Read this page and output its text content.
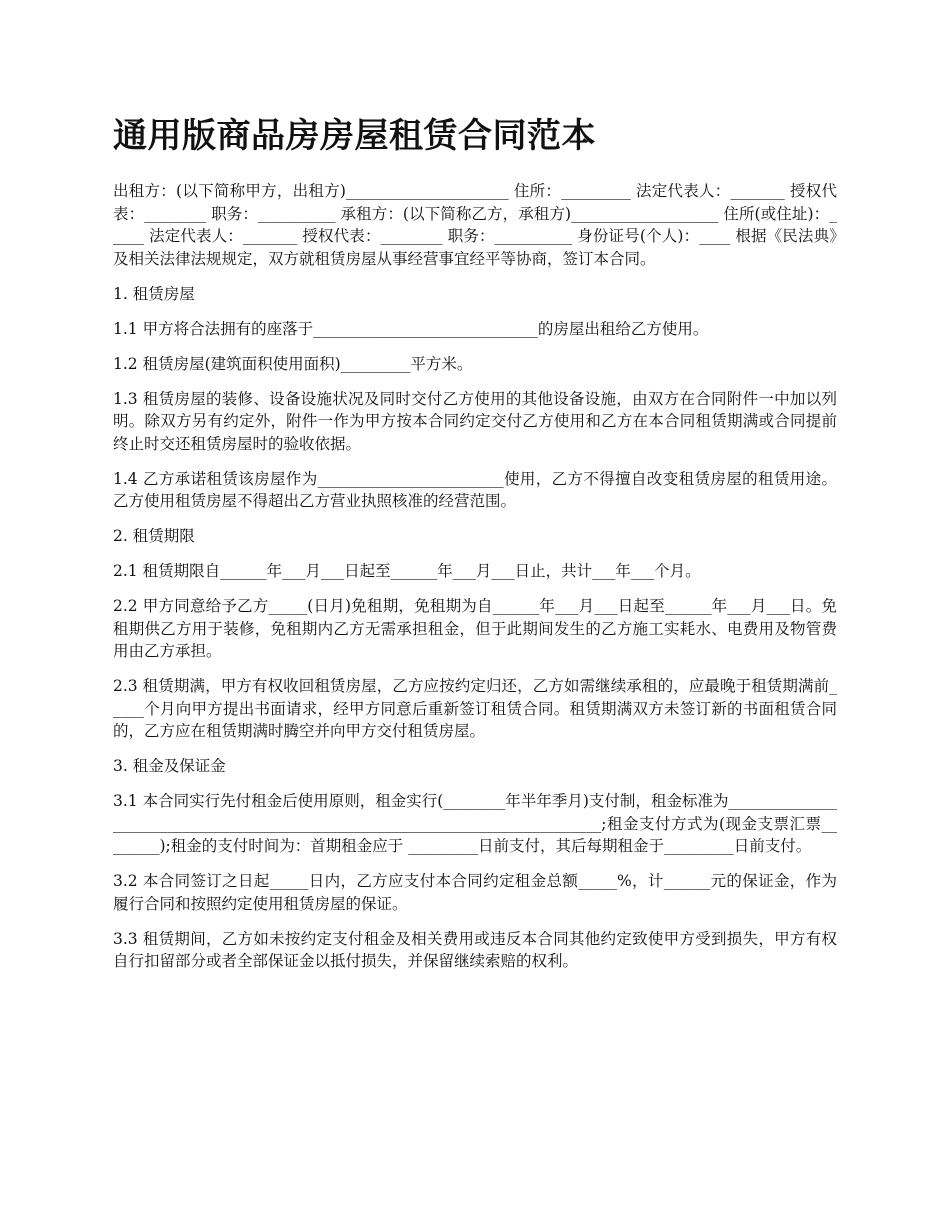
通用版商品房房屋租赁合同范本

出租方：(以下简称甲方，出租方)_____________________ 住所：_________ 法定代表人：_______ 授权代表：________ 职务：__________ 承租方：(以下简称乙方，承租方)___________________ 住所(或住址)：_____ 法定代表人：_______ 授权代表：________ 职务：__________ 身份证号(个人)：____ 根据《民法典》及相关法律法规规定，双方就租赁房屋从事经营事宜经平等协商，签订本合同。

1. 租赁房屋

1.1 甲方将合法拥有的座落于_____________________________的房屋出租给乙方使用。

1.2 租赁房屋(建筑面积使用面积)_________平方米。

1.3 租赁房屋的装修、设备设施状况及同时交付乙方使用的其他设备设施，由双方在合同附件一中加以列明。除双方另有约定外，附件一作为甲方按本合同约定交付乙方使用和乙方在本合同租赁期满或合同提前终止时交还租赁房屋时的验收依据。

1.4 乙方承诺租赁该房屋作为________________________使用，乙方不得擅自改变租赁房屋的租赁用途。乙方使用租赁房屋不得超出乙方营业执照核准的经营范围。

2. 租赁期限

2.1 租赁期限自______年___月___日起至______年___月___日止，共计___年___个月。

2.2 甲方同意给予乙方_____(日月)免租期，免租期为自______年___月___日起至______年___月___日。免租期供乙方用于装修，免租期内乙方无需承担租金，但于此期间发生的乙方施工实耗水、电费用及物管费用由乙方承担。

2.3 租赁期满，甲方有权收回租赁房屋，乙方应按约定归还，乙方如需继续承租的，应最晚于租赁期满前_____个月向甲方提出书面请求，经甲方同意后重新签订租赁合同。租赁期满双方未签订新的书面租赁合同的，乙方应在租赁期满时腾空并向甲方交付租赁房屋。

3. 租金及保证金

3.1 本合同实行先付租金后使用原则，租金实行(________年半年季月)支付制，租金标准为_____________________________________________________________________________;租金支付方式为(现金支票汇票________);租金的支付时间为：首期租金应于 _________日前支付，其后每期租金于_________日前支付。

3.2 本合同签订之日起_____日内，乙方应支付本合同约定租金总额_____%，计______元的保证金，作为履行合同和按照约定使用租赁房屋的保证。

3.3 租赁期间，乙方如未按约定支付租金及相关费用或违反本合同其他约定致使甲方受到损失，甲方有权自行扣留部分或者全部保证金以抵付损失，并保留继续索赔的权利。
